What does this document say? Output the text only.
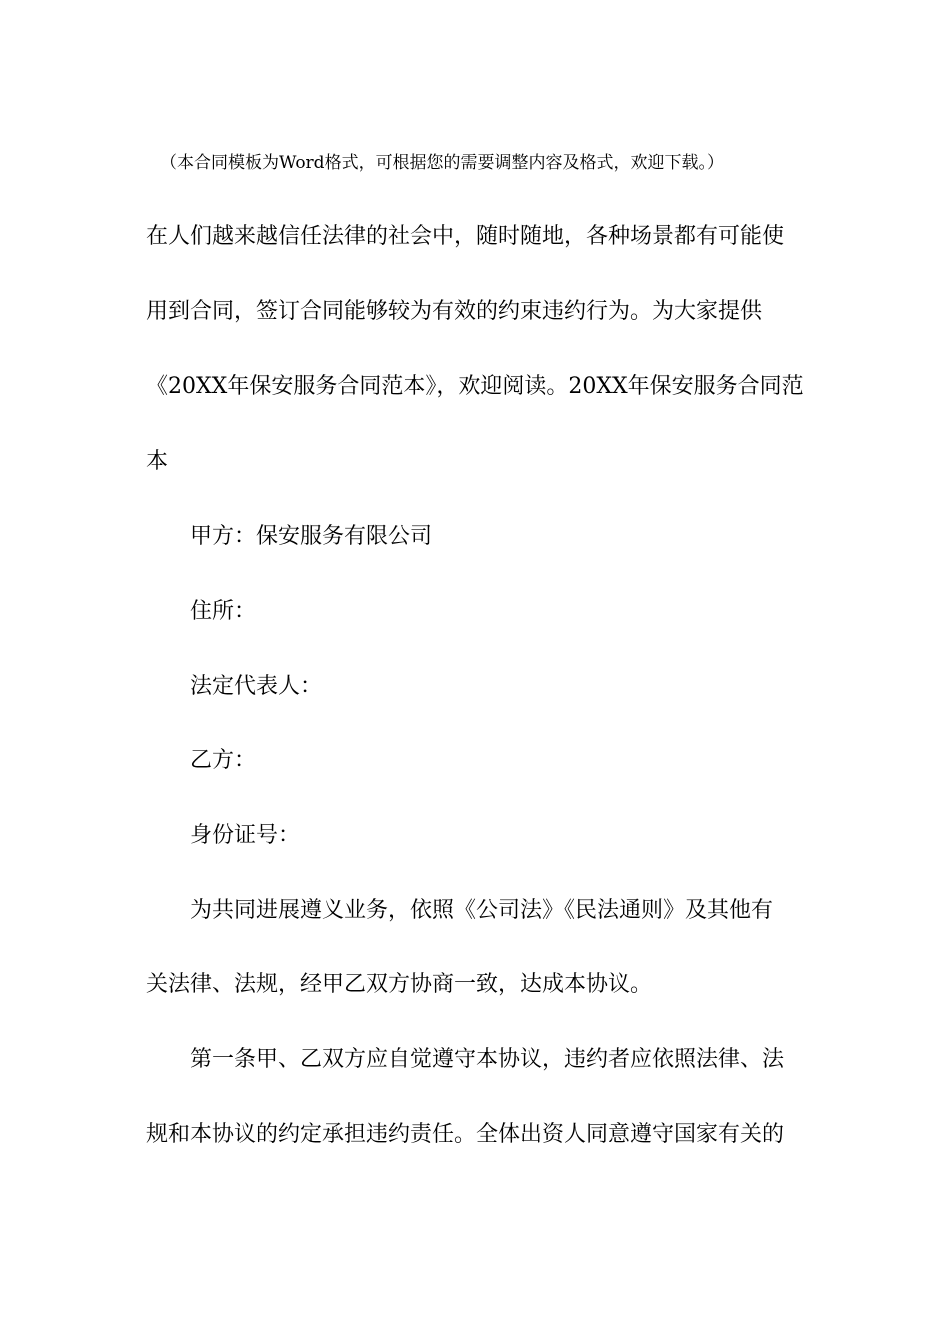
（本合同模板为Word格式，可根据您的需要调整内容及格式，欢迎下载。）
在人们越来越信任法律的社会中，随时随地，各种场景都有可能使
用到合同，签订合同能够较为有效的约束违约行为。为大家提供
《20XX年保安服务合同范本》，欢迎阅读。20XX年保安服务合同范
本
甲方：保安服务有限公司
住所：
法定代表人：
乙方：
身份证号：
为共同进展遵义业务，依照《公司法》《民法通则》及其他有
关法律、法规，经甲乙双方协商一致，达成本协议。
第一条甲、乙双方应自觉遵守本协议，违约者应依照法律、法
规和本协议的约定承担违约责任。全体出资人同意遵守国家有关的
